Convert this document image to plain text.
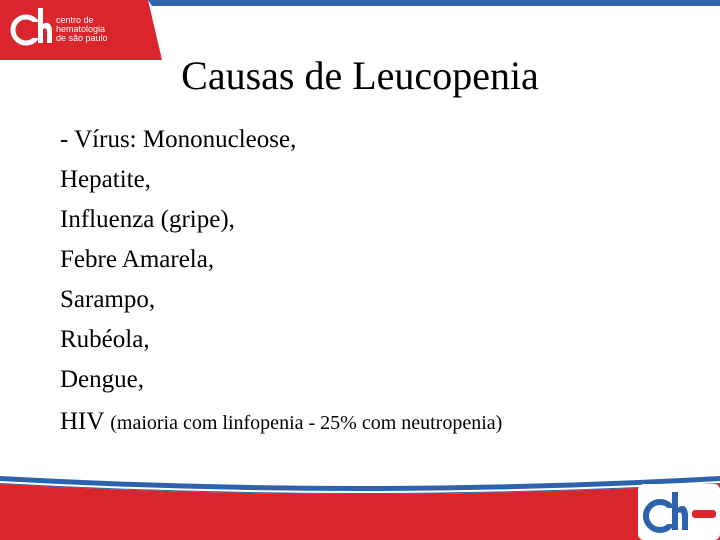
centro de
hematologia
de são paulo
Causas de Leucopenia
- Vírus: Mononucleose,
Hepatite,
Influenza (gripe),
Febre Amarela,
Sarampo,
Rubéola,
Dengue,
HIV (maioria com linfopenia - 25% com neutropenia)
